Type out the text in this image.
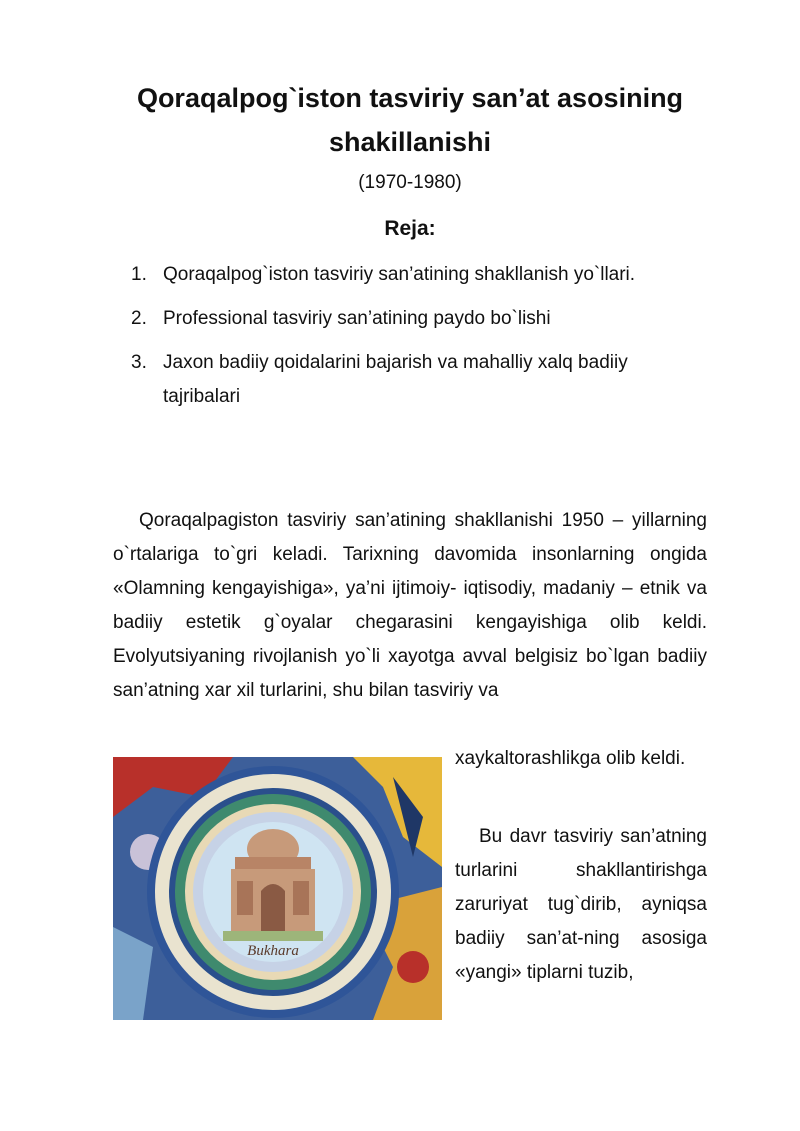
Qoraqalpog`iston tasviriy san’at asosining shakillanishi
(1970-1980)
Reja:
1. Qoraqalpog`iston tasviriy san’atining shakllanish yo`llari.
2. Professional tasviriy san’atining paydo bo`lishi
3. Jaxon badiiy qoidalarini bajarish va mahalliy xalq badiiy tajribalari

Qoraqalpagiston tasviriy san’atining shakllanishi 1950 – yillarning o`rtalariga to`gri keladi. Tarixning davomida insonlarning ongida «Olamning kengayishiga», ya’ni ijtimoiy- iqtisodiy, madaniy – etnik va badiiy estetik g`oyalar chegarasini kengayishiga olib keldi. Evolyutsiyaning rivojlanish yo`li xayotga avval belgisiz bo`lgan badiiy san’atning xar xil turlarini, shu bilan tasviriy va

Bukhara

xaykaltorashlikga olib keldi.

Bu davr tasviriy san’atning turlarini shakllantirishga zaruriyat tug`dirib, ayniqsa badiiy san’at-ning asosiga «yangi» tiplarni tuzib,
